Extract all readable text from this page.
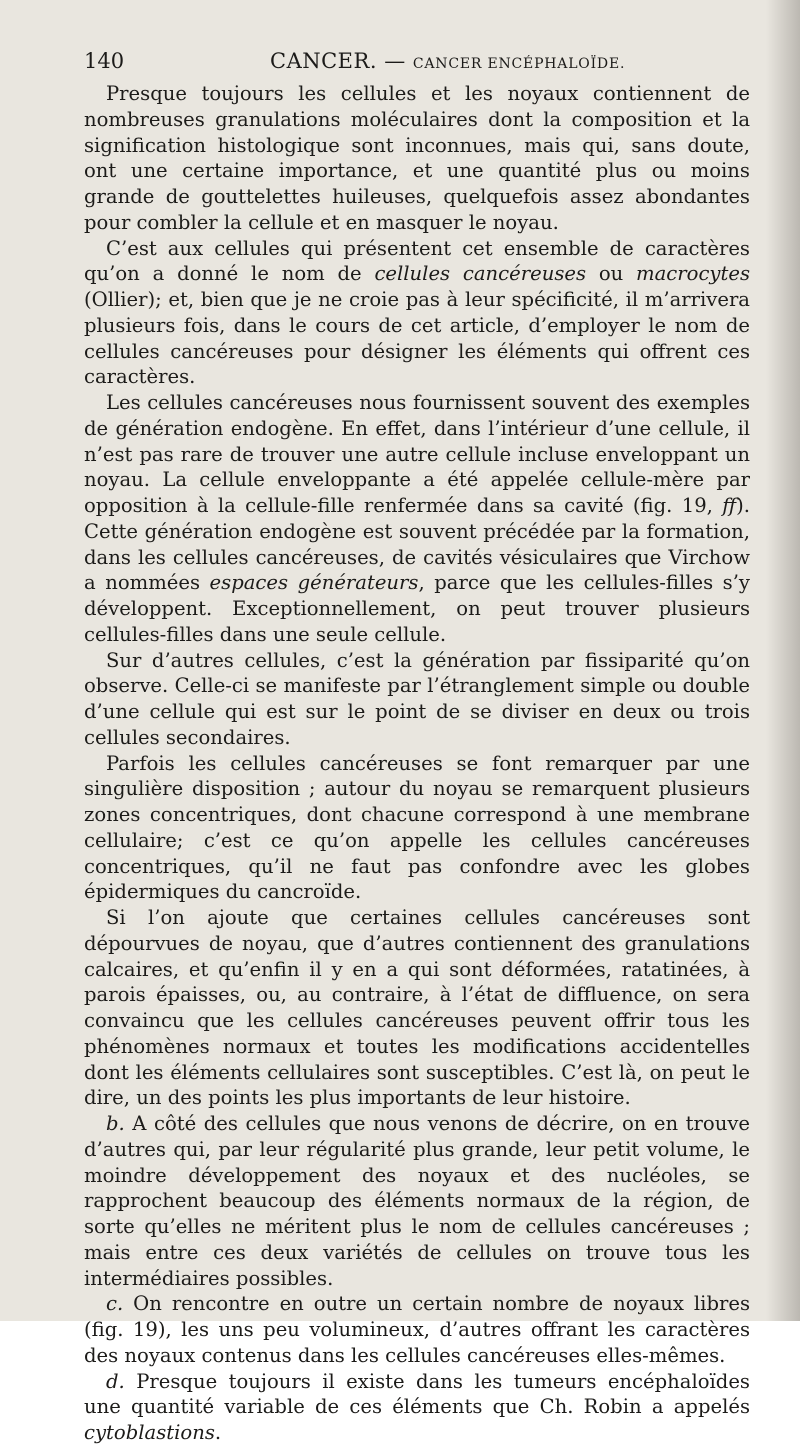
140	CANCER. — CANCER ENCÉPHALOÏDE.

Presque toujours les cellules et les noyaux contiennent de nombreuses granulations moléculaires dont la composition et la signification histologique sont inconnues, mais qui, sans doute, ont une certaine importance, et une quantité plus ou moins grande de gouttelettes huileuses, quelquefois assez abondantes pour combler la cellule et en masquer le noyau.

C’est aux cellules qui présentent cet ensemble de caractères qu’on a donné le nom de cellules cancéreuses ou macrocytes (Ollier); et, bien que je ne croie pas à leur spécificité, il m’arrivera plusieurs fois, dans le cours de cet article, d’employer le nom de cellules cancéreuses pour désigner les éléments qui offrent ces caractères.

Les cellules cancéreuses nous fournissent souvent des exemples de génération endogène. En effet, dans l’intérieur d’une cellule, il n’est pas rare de trouver une autre cellule incluse enveloppant un noyau. La cellule enveloppante a été appelée cellule-mère par opposition à la cellule-fille renfermée dans sa cavité (fig. 19, ff). Cette génération endogène est souvent précédée par la formation, dans les cellules cancéreuses, de cavités vésiculaires que Virchow a nommées espaces générateurs, parce que les cellules-filles s’y développent. Exceptionnellement, on peut trouver plusieurs cellules-filles dans une seule cellule.

Sur d’autres cellules, c’est la génération par fissiparité qu’on observe. Celle-ci se manifeste par l’étranglement simple ou double d’une cellule qui est sur le point de se diviser en deux ou trois cellules secondaires.

Parfois les cellules cancéreuses se font remarquer par une singulière disposition ; autour du noyau se remarquent plusieurs zones concentriques, dont chacune correspond à une membrane cellulaire; c’est ce qu’on appelle les cellules cancéreuses concentriques, qu’il ne faut pas confondre avec les globes épidermiques du cancroïde.

Si l’on ajoute que certaines cellules cancéreuses sont dépourvues de noyau, que d’autres contiennent des granulations calcaires, et qu’enfin il y en a qui sont déformées, ratatinées, à parois épaisses, ou, au contraire, à l’état de diffluence, on sera convaincu que les cellules cancéreuses peuvent offrir tous les phénomènes normaux et toutes les modifications accidentelles dont les éléments cellulaires sont susceptibles. C’est là, on peut le dire, un des points les plus importants de leur histoire.

b. A côté des cellules que nous venons de décrire, on en trouve d’autres qui, par leur régularité plus grande, leur petit volume, le moindre développement des noyaux et des nucléoles, se rapprochent beaucoup des éléments normaux de la région, de sorte qu’elles ne méritent plus le nom de cellules cancéreuses ; mais entre ces deux variétés de cellules on trouve tous les intermédiaires possibles.

c. On rencontre en outre un certain nombre de noyaux libres (fig. 19), les uns peu volumineux, d’autres offrant les caractères des noyaux contenus dans les cellules cancéreuses elles-mêmes.

d. Presque toujours il existe dans les tumeurs encéphaloïdes une quantité variable de ces éléments que Ch. Robin a appelés cytoblastions.
